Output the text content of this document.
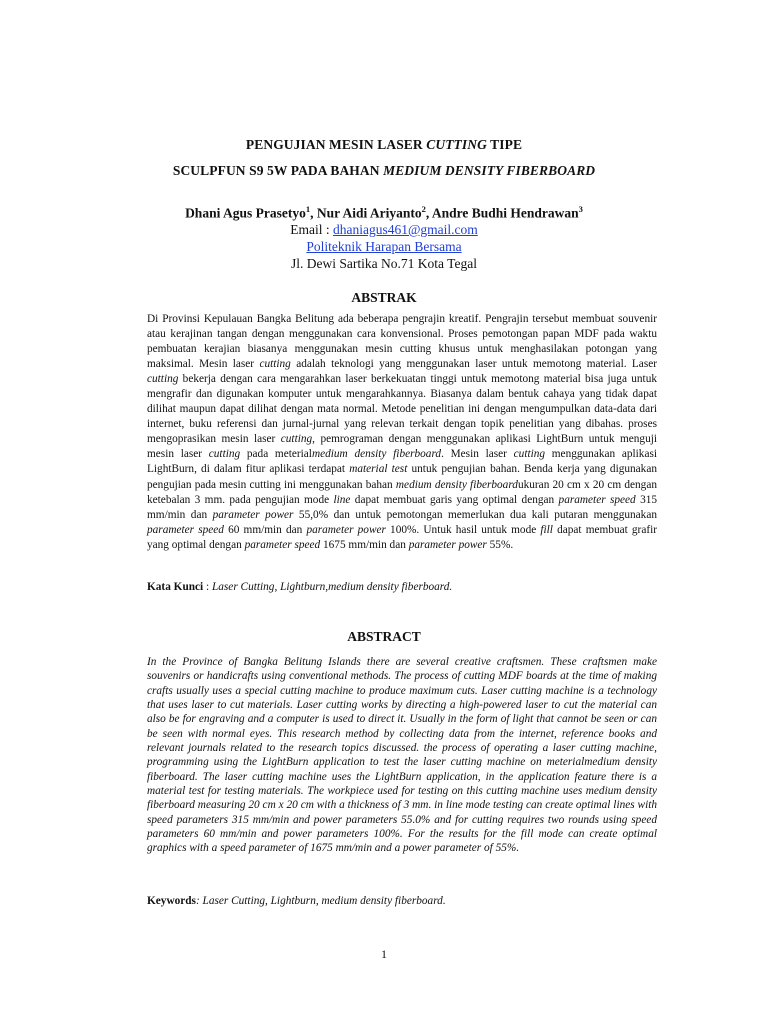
PENGUJIAN MESIN LASER CUTTING TIPE
SCULPFUN S9 5W PADA BAHAN MEDIUM DENSITY FIBERBOARD
Dhani Agus Prasetyo$^1$, Nur Aidi Ariyanto$^2$, Andre Budhi Hendrawan$^3$
Email : dhaniagus461@gmail.com
Politeknik Harapan Bersama
Jl. Dewi Sartika No.71 Kota Tegal
ABSTRAK
Di Provinsi Kepulauan Bangka Belitung ada beberapa pengrajin kreatif. Pengrajin tersebut membuat souvenir atau kerajinan tangan dengan menggunakan cara konvensional. Proses pemotongan papan MDF pada waktu pembuatan kerajian biasanya menggunakan mesin cutting khusus untuk menghasilakan potongan yang maksimal. Mesin laser cutting adalah teknologi yang menggunakan laser untuk memotong material. Laser cutting bekerja dengan cara mengarahkan laser berkekuatan tinggi untuk memotong material bisa juga untuk mengrafir dan digunakan komputer untuk mengarahkannya. Biasanya dalam bentuk cahaya yang tidak dapat dilihat maupun dapat dilihat dengan mata normal. Metode penelitian ini dengan mengumpulkan data-data dari internet, buku referensi dan jurnal-jurnal yang relevan terkait dengan topik penelitian yang dibahas. proses mengoprasikan mesin laser cutting, pemrograman dengan menggunakan aplikasi LightBurn untuk menguji mesin laser cutting pada meterialmedium density fiberboard. Mesin laser cutting menggunakan aplikasi LightBurn, di dalam fitur aplikasi terdapat material test untuk pengujian bahan. Benda kerja yang digunakan pengujian pada mesin cutting ini menggunakan bahan medium density fiberboardukuran 20 cm x 20 cm dengan ketebalan 3 mm. pada pengujian mode line dapat membuat garis yang optimal dengan parameter speed 315 mm/min dan parameter power 55,0% dan untuk pemotongan memerlukan dua kali putaran menggunakan parameter speed 60 mm/min dan parameter power 100%. Untuk hasil untuk mode fill dapat membuat grafir yang optimal dengan parameter speed 1675 mm/min dan parameter power 55%.
Kata Kunci : Laser Cutting, Lightburn,medium density fiberboard.
ABSTRACT
In the Province of Bangka Belitung Islands there are several creative craftsmen. These craftsmen make souvenirs or handicrafts using conventional methods. The process of cutting MDF boards at the time of making crafts usually uses a special cutting machine to produce maximum cuts. Laser cutting machine is a technology that uses laser to cut materials. Laser cutting works by directing a high-powered laser to cut the material can also be for engraving and a computer is used to direct it. Usually in the form of light that cannot be seen or can be seen with normal eyes. This research method by collecting data from the internet, reference books and relevant journals related to the research topics discussed. the process of operating a laser cutting machine, programming using the LightBurn application to test the laser cutting machine on meterialmedium density fiberboard. The laser cutting machine uses the LightBurn application, in the application feature there is a material test for testing materials. The workpiece used for testing on this cutting machine uses medium density fiberboard measuring 20 cm x 20 cm with a thickness of 3 mm. in line mode testing can create optimal lines with speed parameters 315 mm/min and power parameters 55.0% and for cutting requires two rounds using speed parameters 60 mm/min and power parameters 100%. For the results for the fill mode can create optimal graphics with a speed parameter of 1675 mm/min and a power parameter of 55%.
Keywords: Laser Cutting, Lightburn, medium density fiberboard.
1
